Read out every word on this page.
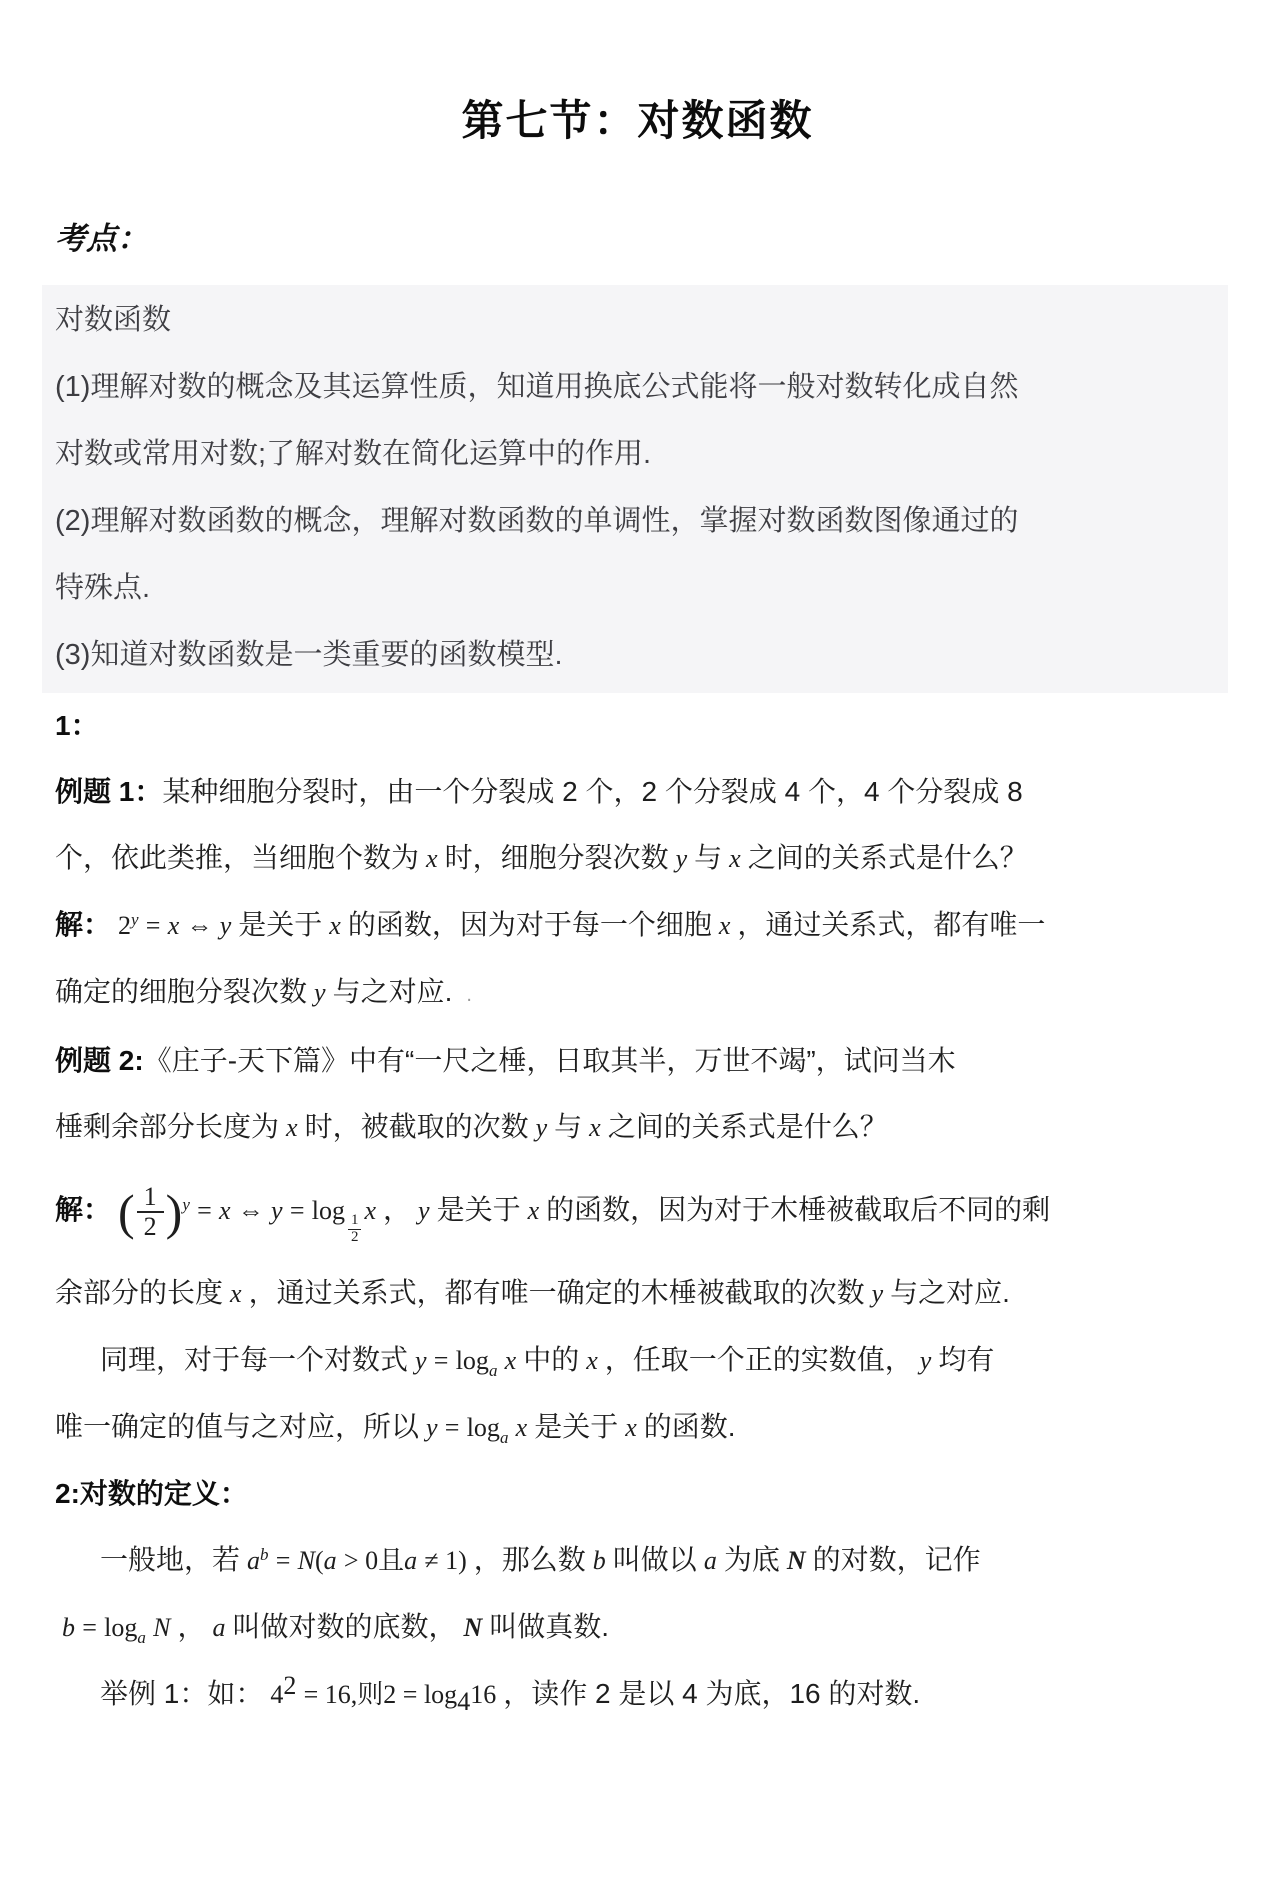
第七节：对数函数
考点：
对数函数
(1)理解对数的概念及其运算性质，知道用换底公式能将一般对数转化成自然
对数或常用对数;了解对数在简化运算中的作用.
(2)理解对数函数的概念，理解对数函数的单调性，掌握对数函数图像通过的
特殊点.
(3)知道对数函数是一类重要的函数模型.
1：
例题 1：某种细胞分裂时，由一个分裂成 2 个，2 个分裂成 4 个，4 个分裂成 8
个，依此类推，当细胞个数为 x 时，细胞分裂次数 y 与 x 之间的关系式是什么？
解： $2^y = x$ ⇔ y 是关于 x 的函数，因为对于每一个细胞 x ，通过关系式，都有唯一
确定的细胞分裂次数 y 与之对应. .
例题 2:《庄子-天下篇》中有“一尺之棰，日取其半，万世不竭”，试问当木
棰剩余部分长度为 x 时，被截取的次数 y 与 x 之间的关系式是什么？
解： ( $\frac{1}{2} )^y = x$ ⇔ y = log
$\frac{1}{2}$
x ， y 是关于 x 的函数，因为对于木棰被截取后不同的剩
余部分的长度 x ，通过关系式，都有唯一确定的木棰被截取的次数 y 与之对应.
同理，对于每一个对数式 $y = \log_a x$ 中的 x ，任取一个正的实数值， y 均有
唯一确定的值与之对应，所以 $y = \log_a x$ 是关于 x 的函数.
2:对数的定义：
一般地，若 $a^b = N(a > 0$且a ≠ 1) ，那么数 b 叫做以 a 为底 N 的对数，记作
$b = \log_a N$ ， a 叫做对数的底数， N 叫做真数.
举例 1：如： $4^2 = 16$,则$2 = \log_416$ ，读作 2 是以 4 为底，16 的对数.
